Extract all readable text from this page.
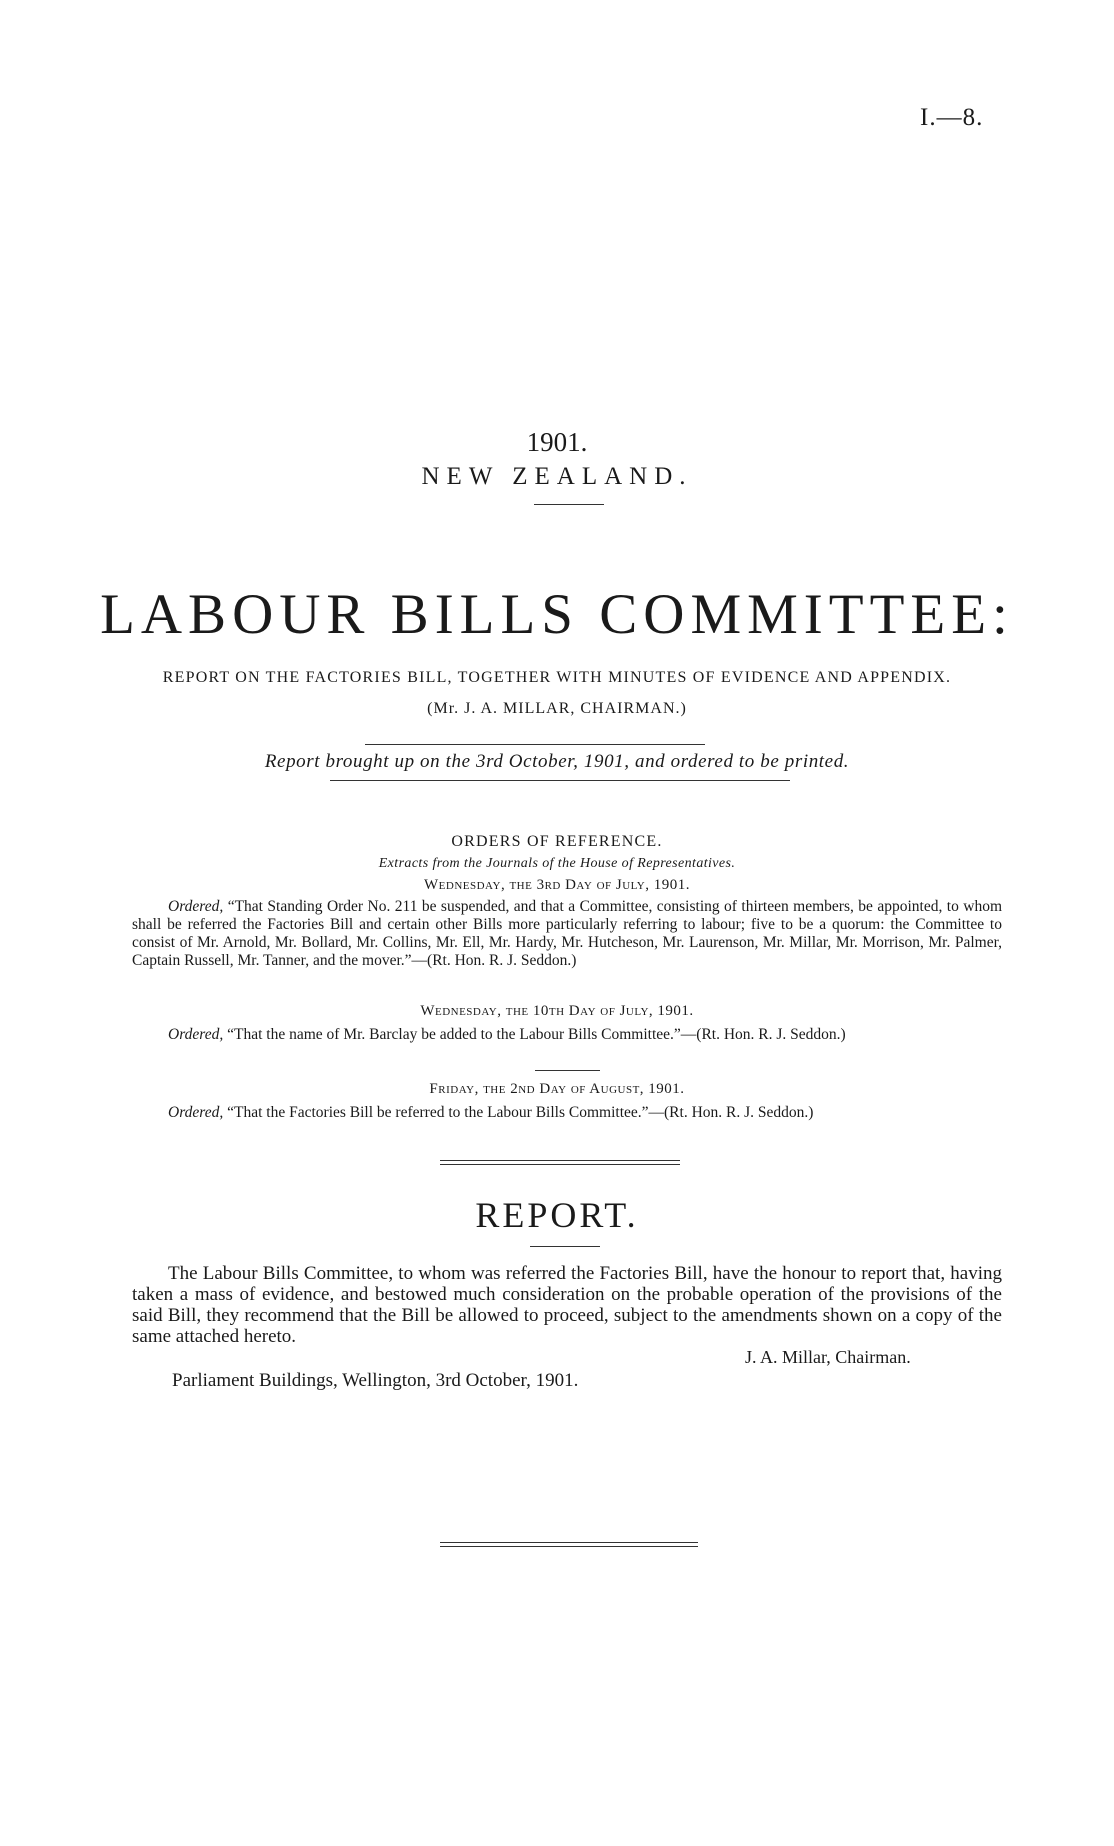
I.—8.
1901.
NEW ZEALAND.
LABOUR BILLS COMMITTEE:
REPORT ON THE FACTORIES BILL, TOGETHER WITH MINUTES OF EVIDENCE AND APPENDIX.
(Mr. J. A. MILLAR, CHAIRMAN.)
Report brought up on the 3rd October, 1901, and ordered to be printed.
ORDERS OF REFERENCE.
Extracts from the Journals of the House of Representatives.
Wednesday, the 3rd Day of July, 1901.
Ordered, “That Standing Order No. 211 be suspended, and that a Committee, consisting of thirteen members, be appointed, to whom shall be referred the Factories Bill and certain other Bills more particularly referring to labour; five to be a quorum: the Committee to consist of Mr. Arnold, Mr. Bollard, Mr. Collins, Mr. Ell, Mr. Hardy, Mr. Hutcheson, Mr. Laurenson, Mr. Millar, Mr. Morrison, Mr. Palmer, Captain Russell, Mr. Tanner, and the mover.”—(Rt. Hon. R. J. Seddon.)
Wednesday, the 10th Day of July, 1901.
Ordered, “That the name of Mr. Barclay be added to the Labour Bills Committee.”—(Rt. Hon. R. J. Seddon.)
Friday, the 2nd Day of August, 1901.
Ordered, “That the Factories Bill be referred to the Labour Bills Committee.”—(Rt. Hon. R. J. Seddon.)
REPORT.
The Labour Bills Committee, to whom was referred the Factories Bill, have the honour to report that, having taken a mass of evidence, and bestowed much consideration on the probable operation of the provisions of the said Bill, they recommend that the Bill be allowed to proceed, subject to the amendments shown on a copy of the same attached hereto.
J. A. Millar, Chairman.
Parliament Buildings, Wellington, 3rd October, 1901.
